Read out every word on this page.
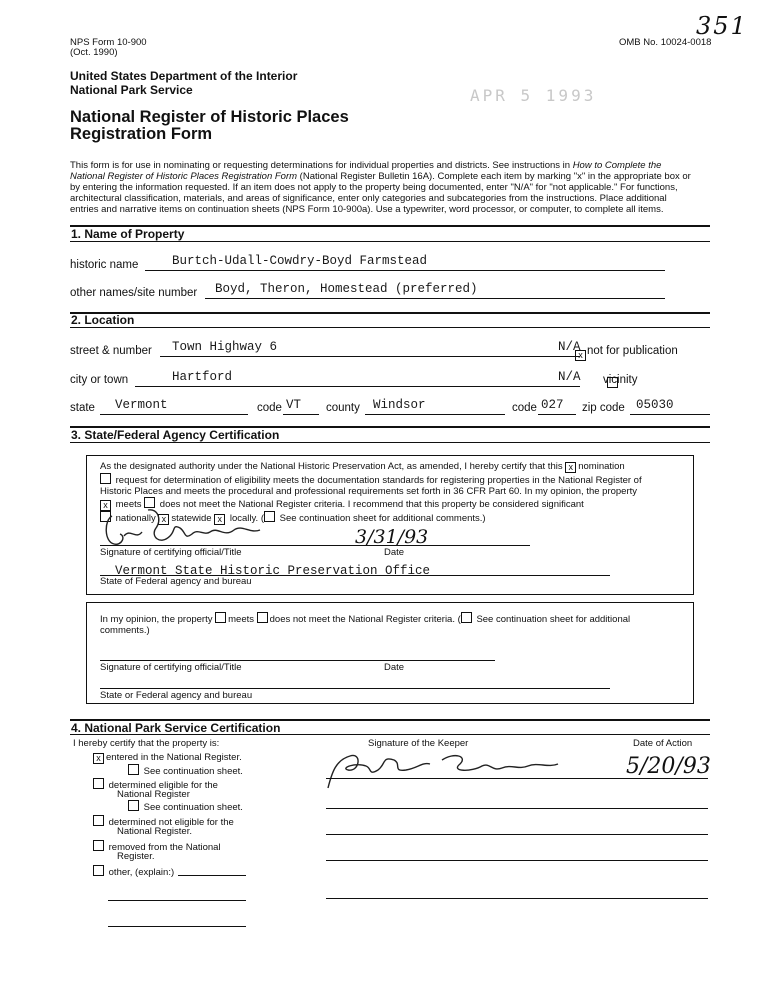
NPS Form 10-900
(Oct. 1990)
OMB No. 10024-0018
351
United States Department of the Interior
National Park Service
National Register of Historic Places
Registration Form
APR 5 1993
This form is for use in nominating or requesting determinations for individual properties and districts. See instructions in How to Complete the
National Register of Historic Places Registration Form (National Register Bulletin 16A). Complete each item by marking "x" in the appropriate box or
by entering the information requested. If an item does not apply to the property being documented, enter "N/A" for "not applicable." For functions,
architectural classification, materials, and areas of significance, enter only categories and subcategories from the instructions. Place additional
entries and narrative items on continuation sheets (NPS Form 10-900a). Use a typewriter, word processor, or computer, to complete all items.
1. Name of Property
historic name	Burtch-Udall-Cowdry-Boyd Farmstead
other names/site number Boyd, Theron, Homestead (preferred)
2. Location
street & number Town Highway 6	N/A
x not for publication
city or town	Hartford	N/A vicinity
state Vermont	code VT county Windsor	code 027 zip code 05030
3. State/Federal Agency Certification
As the designated authority under the National Historic Preservation Act, as amended, I hereby certify that this x nomination
request for determination of eligibility meets the documentation standards for registering properties in the National Register of
Historic Places and meets the procedural and professional requirements set forth in 36 CFR Part 60. In my opinion, the property
x meets does not meet the National Register criteria. I recommend that this property be considered significant
nationally x statewide x locally. ( See continuation sheet for additional comments.)
3/31/93
Signature of certifying official/Title	Date
Vermont State Historic Preservation Office
State of Federal agency and bureau
In my opinion, the property meets does not meet the National Register criteria. ( See continuation sheet for additional
comments.)
Signature of certifying official/Title	Date
State or Federal agency and bureau
4. National Park Service Certification
I hereby certify that the property is:	Signature of the Keeper	Date of Action
5/20/93
x entered in the National Register.
See continuation sheet.
determined eligible for the
National Register
See continuation sheet.
determined not eligible for the
National Register.
removed from the National
Register.
other, (explain:)
